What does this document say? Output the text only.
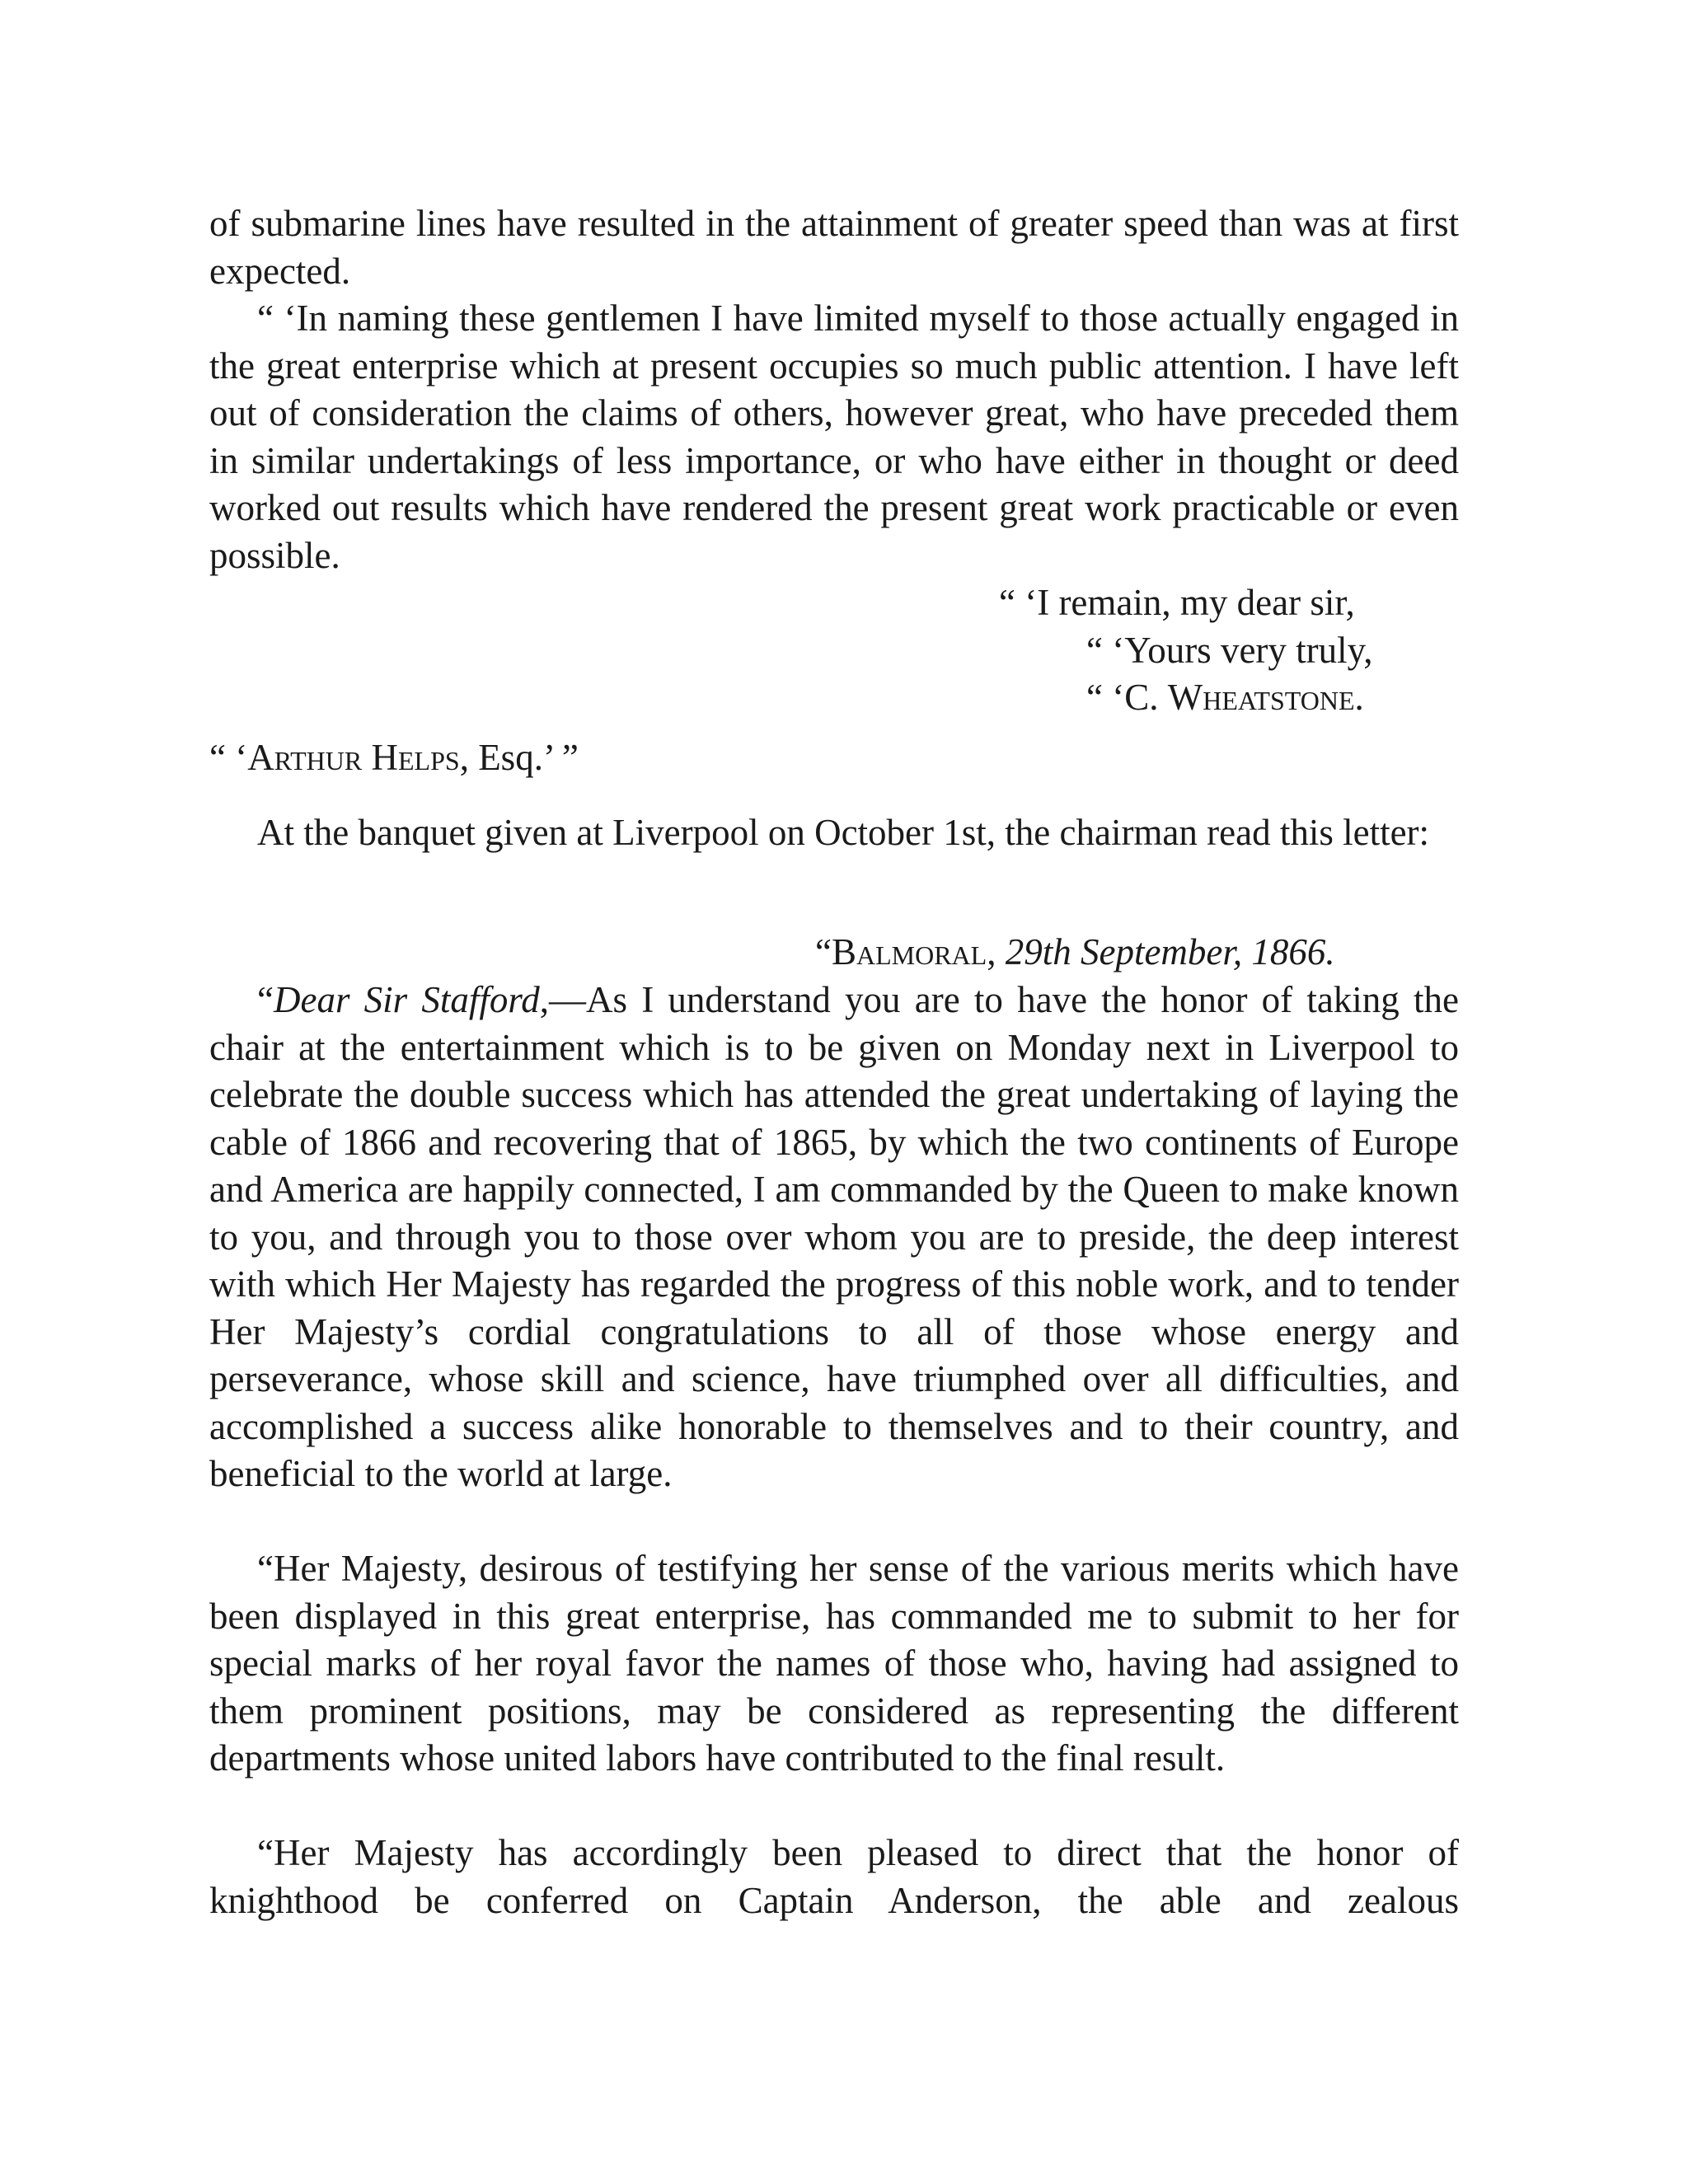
of submarine lines have resulted in the attainment of greater speed than was at first expected.

“ ‘In naming these gentlemen I have limited myself to those actually engaged in the great enterprise which at present occupies so much public attention. I have left out of consideration the claims of others, however great, who have preceded them in similar undertakings of less importance, or who have either in thought or deed worked out results which have rendered the present great work practicable or even possible.

“ ‘I remain, my dear sir,
“ ‘Yours very truly,
“ ‘C. Wheatstone.
“ ‘Arthur Helps, Esq.’ ”

At the banquet given at Liverpool on October 1st, the chairman read this letter:

“Balmoral, 29th September, 1866.

“Dear Sir Stafford,—As I understand you are to have the honor of taking the chair at the entertainment which is to be given on Monday next in Liverpool to celebrate the double success which has attended the great undertaking of laying the cable of 1866 and recovering that of 1865, by which the two continents of Europe and America are happily connected, I am commanded by the Queen to make known to you, and through you to those over whom you are to preside, the deep interest with which Her Majesty has regarded the progress of this noble work, and to tender Her Majesty’s cordial congratulations to all of those whose energy and perseverance, whose skill and science, have triumphed over all difficulties, and accomplished a success alike honorable to themselves and to their country, and beneficial to the world at large.

“Her Majesty, desirous of testifying her sense of the various merits which have been displayed in this great enterprise, has commanded me to submit to her for special marks of her royal favor the names of those who, having had assigned to them prominent positions, may be considered as representing the different departments whose united labors have contributed to the final result.

“Her Majesty has accordingly been pleased to direct that the honor of knighthood be conferred on Captain Anderson, the able and zealous
